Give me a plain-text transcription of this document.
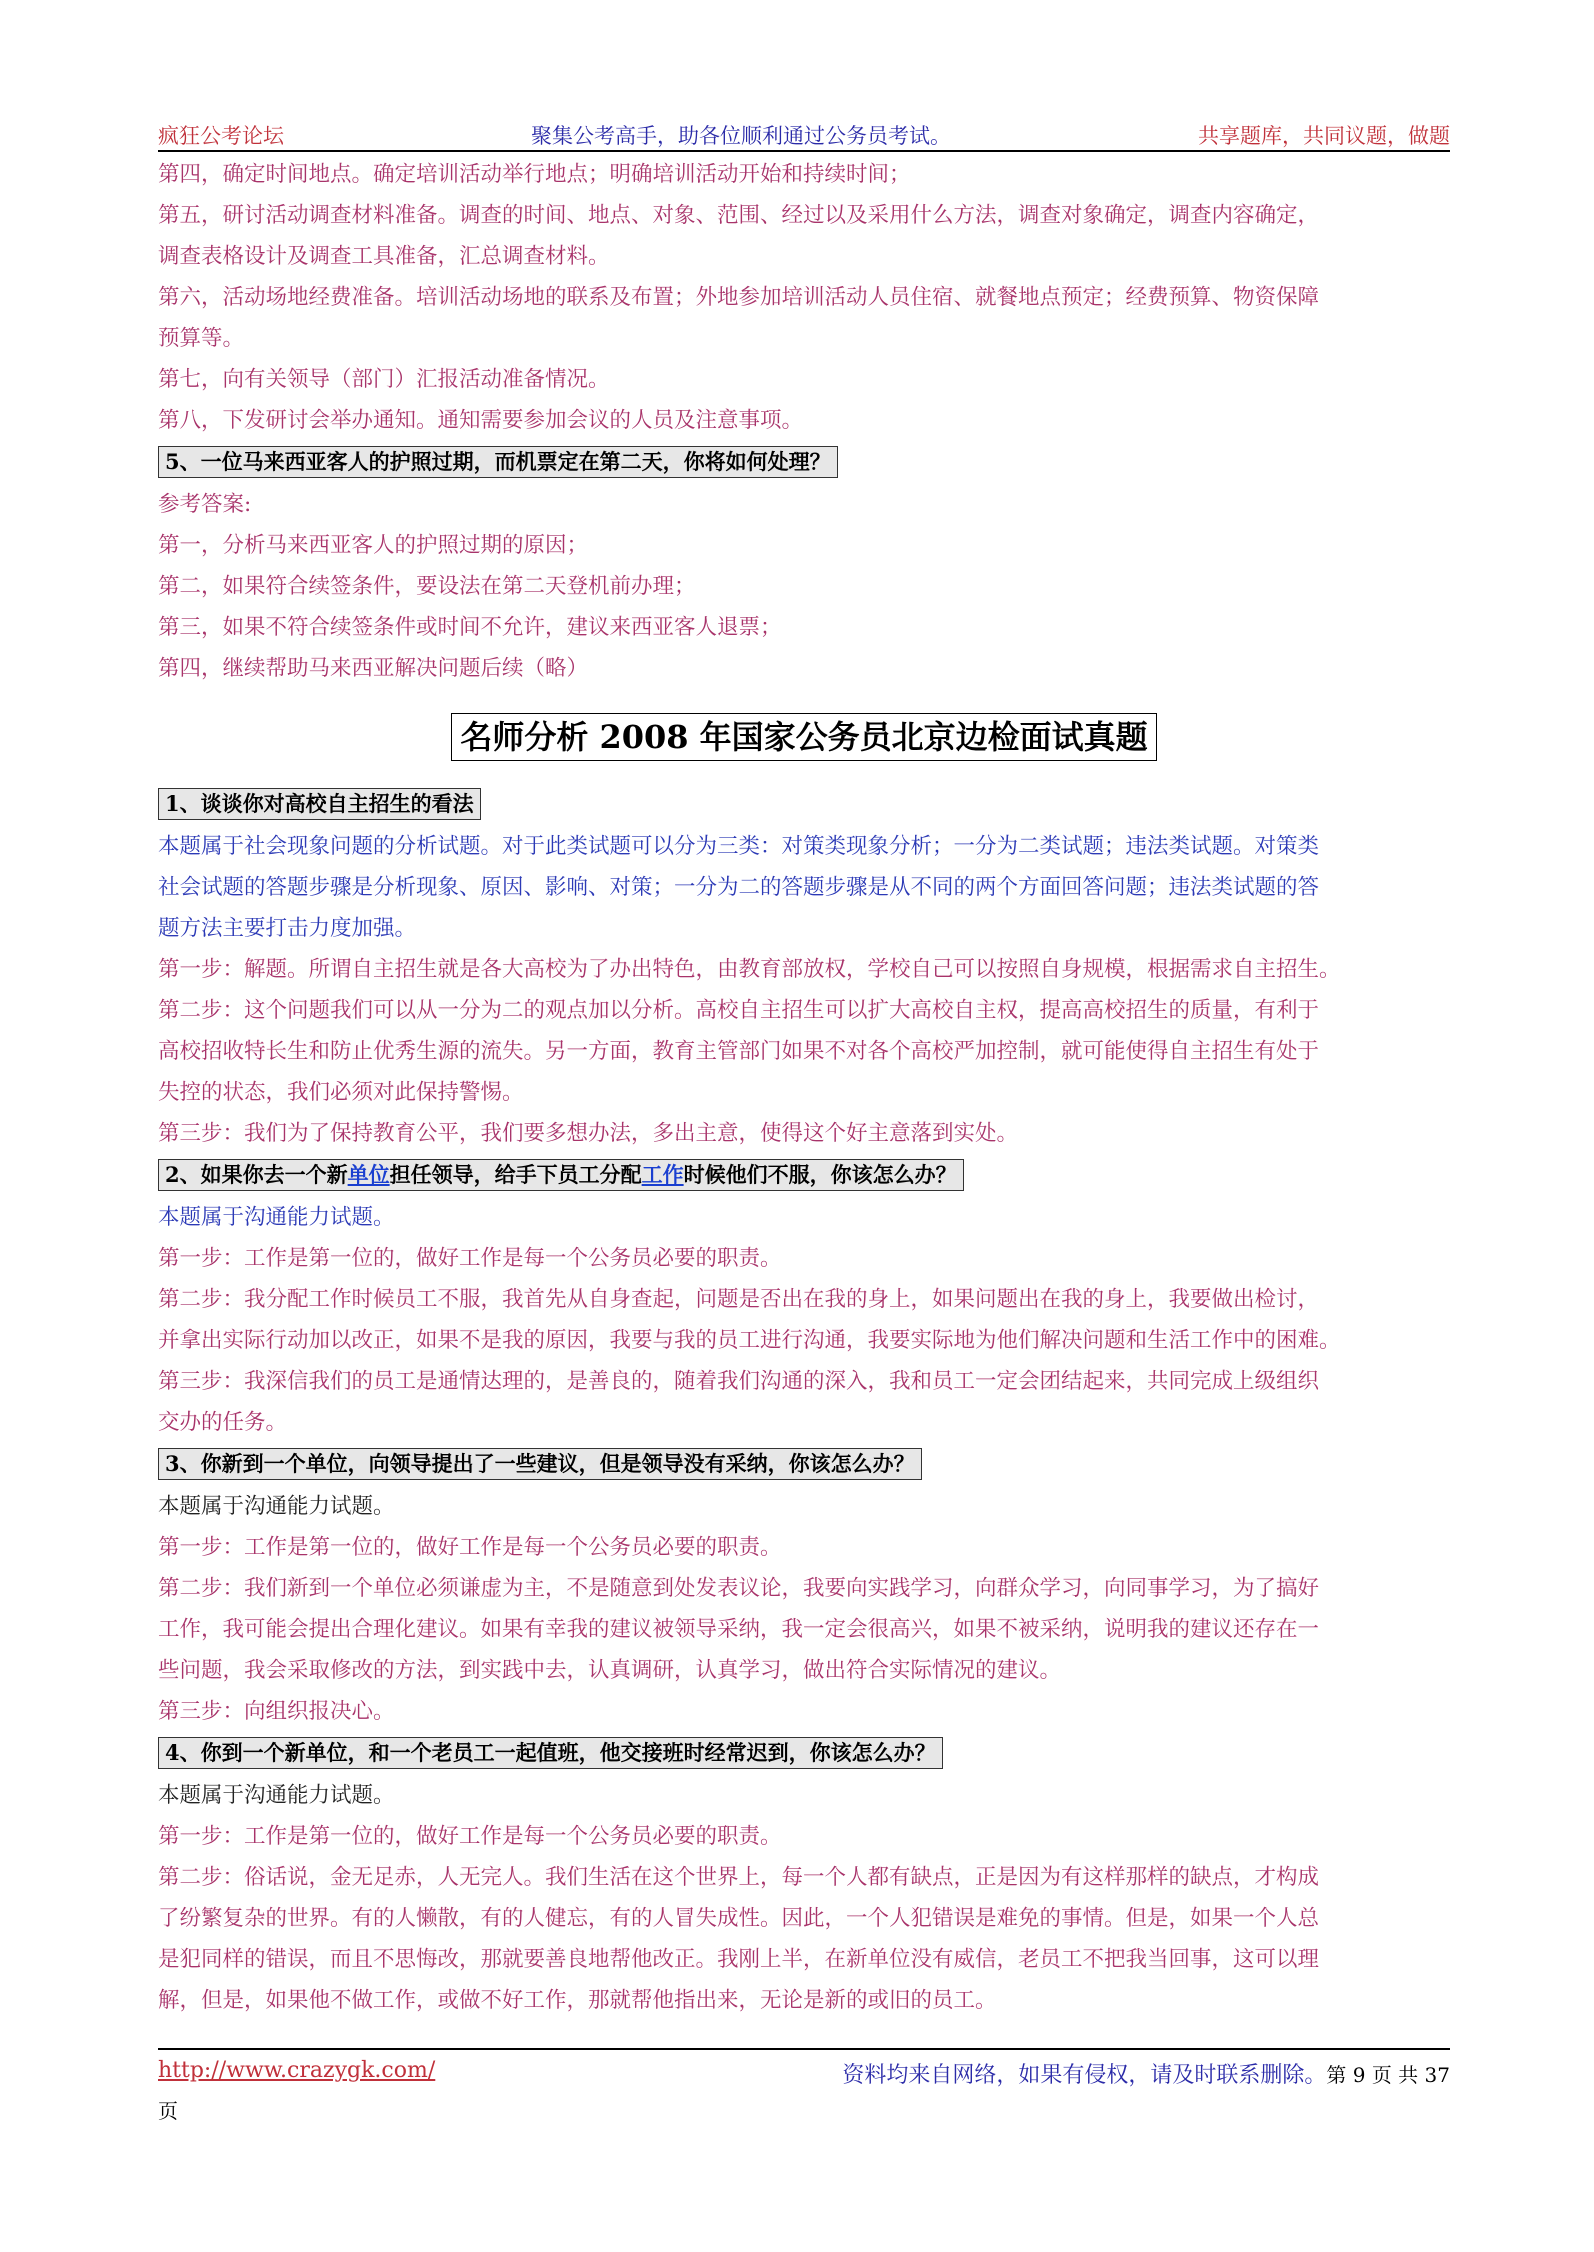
疯狂公考论坛	聚集公考高手，助各位顺利通过公务员考试。	共享题库，共同议题，做题

第四，确定时间地点。确定培训活动举行地点；明确培训活动开始和持续时间；

第五，研讨活动调查材料准备。调查的时间、地点、对象、范围、经过以及采用什么方法，调查对象确定，调查内容确定，

调查表格设计及调查工具准备，汇总调查材料。

第六，活动场地经费准备。培训活动场地的联系及布置；外地参加培训活动人员住宿、就餐地点预定；经费预算、物资保障

预算等。

第七，向有关领导（部门）汇报活动准备情况。

第八，下发研讨会举办通知。通知需要参加会议的人员及注意事项。

5、一位马来西亚客人的护照过期，而机票定在第二天，你将如何处理？

参考答案:

第一，分析马来西亚客人的护照过期的原因；

第二，如果符合续签条件，要设法在第二天登机前办理；

第三，如果不符合续签条件或时间不允许，建议来西亚客人退票；

第四，继续帮助马来西亚解决问题后续（略）

名师分析 2008 年国家公务员北京边检面试真题
1、谈谈你对高校自主招生的看法

本题属于社会现象问题的分析试题。对于此类试题可以分为三类：对策类现象分析；一分为二类试题；违法类试题。对策类

社会试题的答题步骤是分析现象、原因、影响、对策；一分为二的答题步骤是从不同的两个方面回答问题；违法类试题的答

题方法主要打击力度加强。

第一步：解题。所谓自主招生就是各大高校为了办出特色，由教育部放权，学校自己可以按照自身规模，根据需求自主招生。

第二步：这个问题我们可以从一分为二的观点加以分析。高校自主招生可以扩大高校自主权，提高高校招生的质量，有利于

高校招收特长生和防止优秀生源的流失。另一方面，教育主管部门如果不对各个高校严加控制，就可能使得自主招生有处于

失控的状态，我们必须对此保持警惕。

第三步：我们为了保持教育公平，我们要多想办法，多出主意，使得这个好主意落到实处。

2、如果你去一个新单位担任领导，给手下员工分配工作时候他们不服，你该怎么办？

本题属于沟通能力试题。

第一步：工作是第一位的，做好工作是每一个公务员必要的职责。

第二步：我分配工作时候员工不服，我首先从自身查起，问题是否出在我的身上，如果问题出在我的身上，我要做出检讨，

并拿出实际行动加以改正，如果不是我的原因，我要与我的员工进行沟通，我要实际地为他们解决问题和生活工作中的困难。

第三步：我深信我们的员工是通情达理的，是善良的，随着我们沟通的深入，我和员工一定会团结起来，共同完成上级组织

交办的任务。

3、你新到一个单位，向领导提出了一些建议，但是领导没有采纳，你该怎么办？

本题属于沟通能力试题。

第一步：工作是第一位的，做好工作是每一个公务员必要的职责。

第二步：我们新到一个单位必须谦虚为主，不是随意到处发表议论，我要向实践学习，向群众学习，向同事学习，为了搞好

工作，我可能会提出合理化建议。如果有幸我的建议被领导采纳，我一定会很高兴，如果不被采纳，说明我的建议还存在一

些问题，我会采取修改的方法，到实践中去，认真调研，认真学习，做出符合实际情况的建议。

第三步：向组织报决心。

4、你到一个新单位，和一个老员工一起值班，他交接班时经常迟到，你该怎么办？

本题属于沟通能力试题。

第一步：工作是第一位的，做好工作是每一个公务员必要的职责。

第二步：俗话说，金无足赤，人无完人。我们生活在这个世界上，每一个人都有缺点，正是因为有这样那样的缺点，才构成

了纷繁复杂的世界。有的人懒散，有的人健忘，有的人冒失成性。因此，一个人犯错误是难免的事情。但是，如果一个人总

是犯同样的错误，而且不思悔改，那就要善良地帮他改正。我刚上半，在新单位没有威信，老员工不把我当回事，这可以理

解，但是，如果他不做工作，或做不好工作，那就帮他指出来，无论是新的或旧的员工。

http://www.crazygk.com/	资料均来自网络，如果有侵权，请及时联系删除。第 9 页 共 37
页
